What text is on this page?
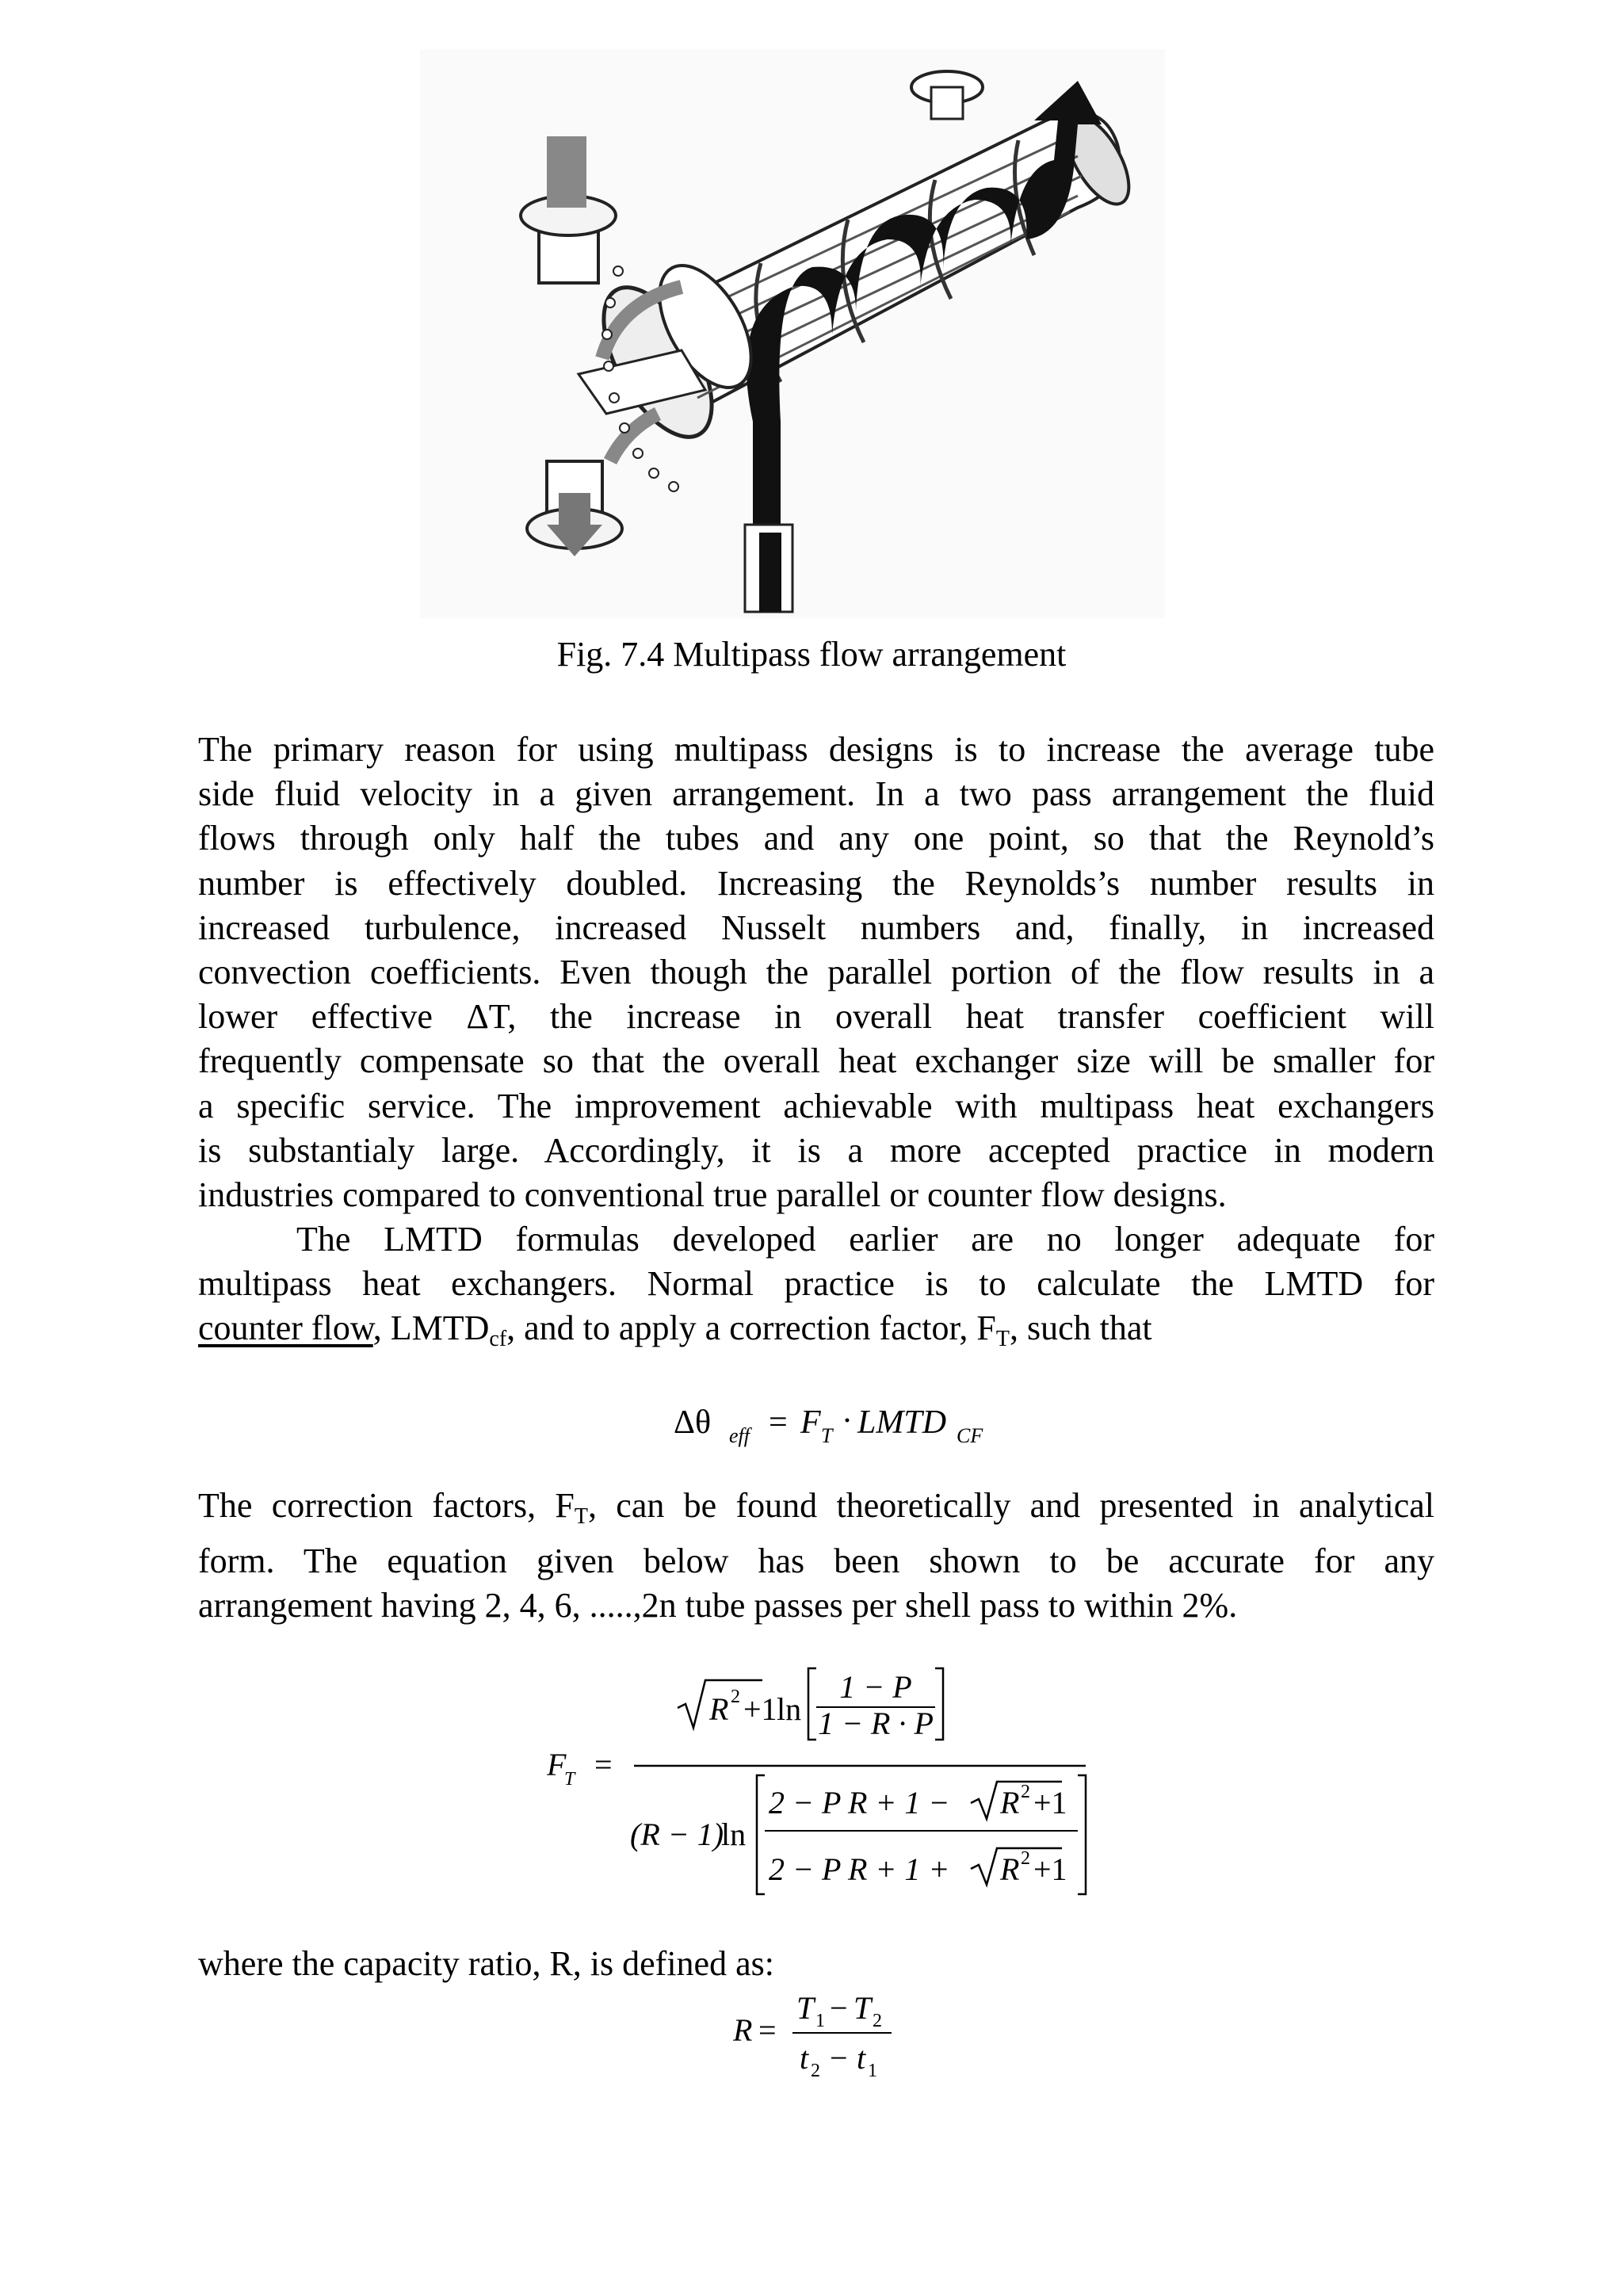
Fig. 7.4 Multipass flow arrangement
The primary reason for using multipass designs is to increase the average tube
side fluid velocity in a given arrangement. In a two pass arrangement the fluid
flows through only half the tubes and any one point, so that the Reynold’s
number is effectively doubled. Increasing the Reynolds’s number results in
increased turbulence, increased Nusselt numbers and, finally, in increased
convection coefficients. Even though the parallel portion of the flow results in a
lower effective ΔT, the increase in overall heat transfer coefficient will
frequently compensate so that the overall heat exchanger size will be smaller for
a specific service. The improvement achievable with multipass heat exchangers
is substantialy large. Accordingly, it is a more accepted practice in modern
industries compared to conventional true parallel or counter flow designs.
The LMTD formulas developed earlier are no longer adequate for
multipass heat exchangers. Normal practice is to calculate the LMTD for
counter flow, $LMTD_{cf}$, and to apply a correction factor, $F_T$, such that
Δθ eff = F T · LMTD CF
The correction factors, $F_T$, can be found theoretically and presented in analytical
form. The equation given below has been shown to be accurate for any
arrangement having 2, 4, 6, .....,2n tube passes per shell pass to within 2%.
F
T =
R 2 +1 ln
1 − P
1 − R · P
(R − 1)
ln
2 − P R + 1 − R 2 +1
2 − P R + 1 + R 2 +1
where the capacity ratio, R, is defined as:
R =
T 1 − T 2
t 2 − t 1
